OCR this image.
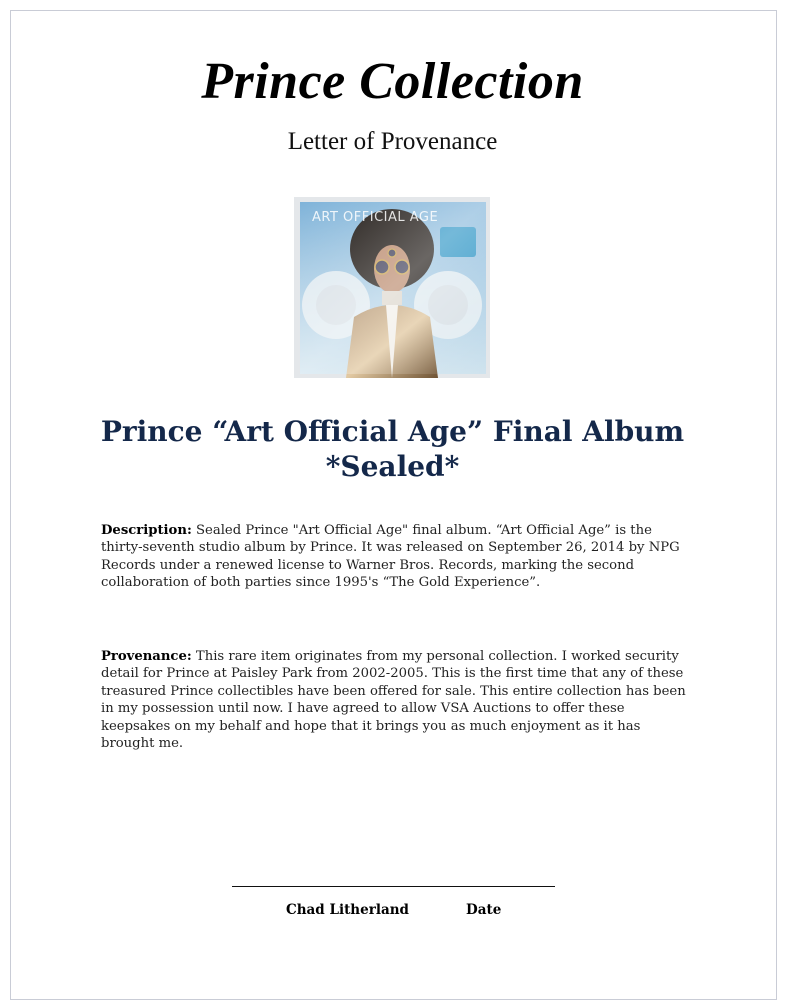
Prince Collection
Letter of Provenance
Prince “Art Official Age” Final Album *Sealed*
Description: Sealed Prince "Art Official Age" final album. “Art Official Age” is the thirty-seventh studio album by Prince. It was released on September 26, 2014 by NPG Records under a renewed license to Warner Bros. Records, marking the second collaboration of both parties since 1995's “The Gold Experience”.
Provenance: This rare item originates from my personal collection. I worked security detail for Prince at Paisley Park from 2002-2005. This is the first time that any of these treasured Prince collectibles have been offered for sale. This entire collection has been in my possession until now. I have agreed to allow VSA Auctions to offer these keepsakes on my behalf and hope that it brings you as much enjoyment as it has brought me.
Chad Litherland	Date
